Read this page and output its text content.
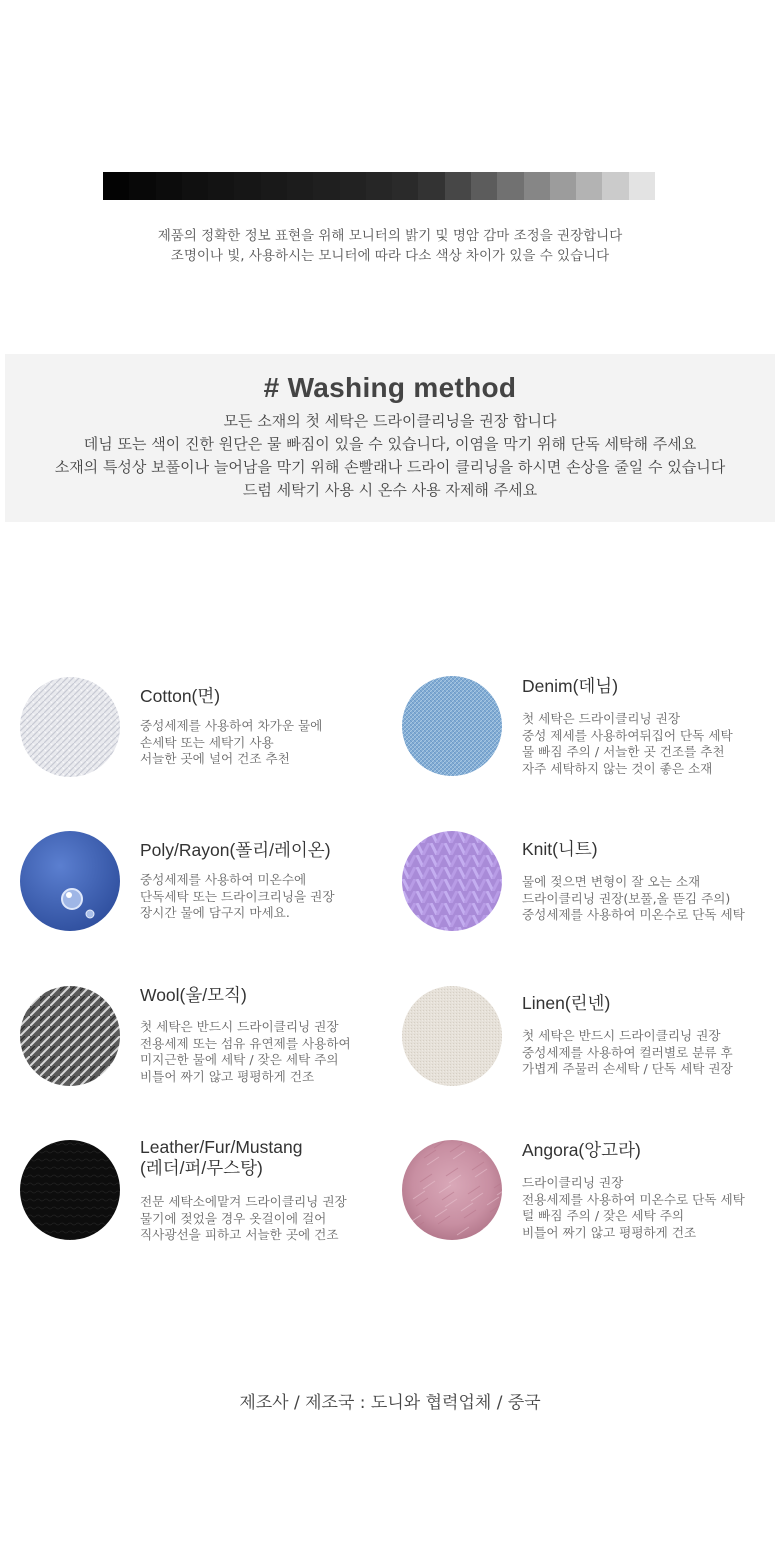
제품의 정확한 정보 표현을 위해 모니터의 밝기 및 명암 감마 조정을 권장합니다
조명이나 빛, 사용하시는 모니터에 따라 다소 색상 차이가 있을 수 있습니다
# Washing method
모든 소재의 첫 세탁은 드라이클리닝을 권장 합니다
데님 또는 색이 진한 원단은 물 빠짐이 있을 수 있습니다, 이염을 막기 위해 단독 세탁해 주세요
소재의 특성상 보풀이나 늘어남을 막기 위해 손빨래나 드라이 클리닝을 하시면 손상을 줄일 수 있습니다
드럼 세탁기 사용 시 온수 사용 자제해 주세요
Cotton(면)
중성세제를 사용하여 차가운 물에
손세탁 또는 세탁기 사용
서늘한 곳에 널어 건조 추천
Denim(데님)
첫 세탁은 드라이클리닝 권장
중성 제세를 사용하여뒤집어 단독 세탁
물 빠짐 주의 / 서늘한 곳 건조를 추천
자주 세탁하지 않는 것이 좋은 소재
Poly/Rayon(폴리/레이온)
중성세제를 사용하여 미온수에
단독세탁 또는 드라이크리닝을 권장
장시간 물에 담구지 마세요.
Knit(니트)
물에 젖으면 변형이 잘 오는 소재
드라이클리닝 권장(보풀,올 뜯김 주의)
중성세제를 사용하여 미온수로 단독 세탁
Wool(울/모직)
첫 세탁은 반드시 드라이클리닝 권장
전용세제 또는 섬유 유연제를 사용하여
미지근한 물에 세탁 / 잦은 세탁 주의
비틀어 짜기 않고 평평하게 건조
Linen(린넨)
첫 세탁은 반드시 드라이클리닝 권장
중성세제를 사용하여 컬러별로 분류 후
가볍게 주물러 손세탁 / 단독 세탁 권장
Leather/Fur/Mustang
(레더/퍼/무스탕)
전문 세탁소에맡겨 드라이클리닝 권장
물기에 젖었을 경우 옷걸이에 걸어
직사광선을 피하고 서늘한 곳에 건조
Angora(앙고라)
드라이클리닝 권장
전용세제를 사용하여 미온수로 단독 세탁
털 빠짐 주의 / 잦은 세탁 주의
비틀어 짜기 않고 평평하게 건조
제조사 / 제조국 : 도니와 협력업체 / 중국
